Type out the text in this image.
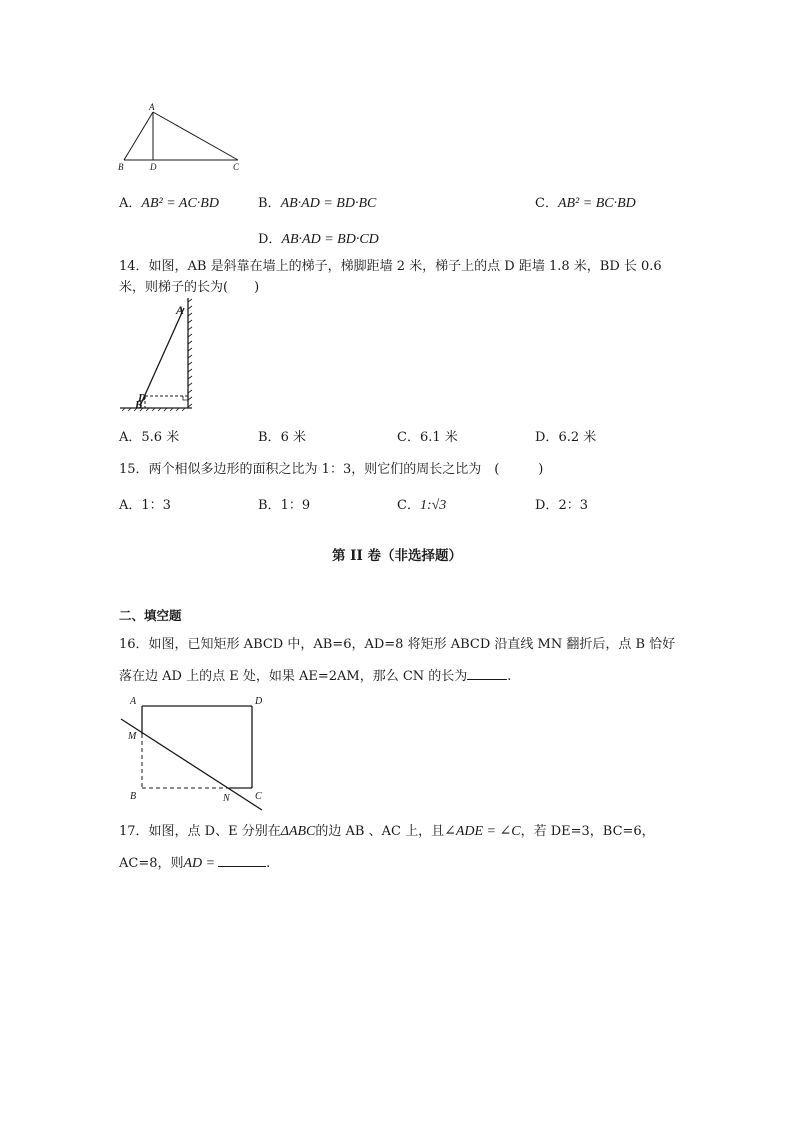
A
B	D	C
A．AB² = AC·BD	B．AB·AD = BD·BC	C．AB² = BC·BD
D．AB·AD = BD·CD
14．如图，AB 是斜靠在墙上的梯子，梯脚距墙 2 米，梯子上的点 D 距墙 1.8 米，BD 长 0.6
米，则梯子的长为(　　)
A
D
B
A．5.6 米	B．6 米	C．6.1 米	D．6.2 米
15．两个相似多边形的面积之比为 1：3，则它们的周长之比为　(　　　)
A．1：3	B．1：9	C．1:√3	D．2：3
第 II 卷（非选择题）
二、填空题
16．如图，已知矩形 ABCD 中，AB=6，AD=8 将矩形 ABCD 沿直线 MN 翻折后，点 B 恰好
落在边 AD 上的点 E 处，如果 AE=2AM，那么 CN 的长为	.
A	D
M
B	N	C
17．如图，点 D、E 分别在ΔABC的边 AB 、AC 上，且∠ADE = ∠C，若 DE=3，BC=6，
AC=8，则AD =	.
